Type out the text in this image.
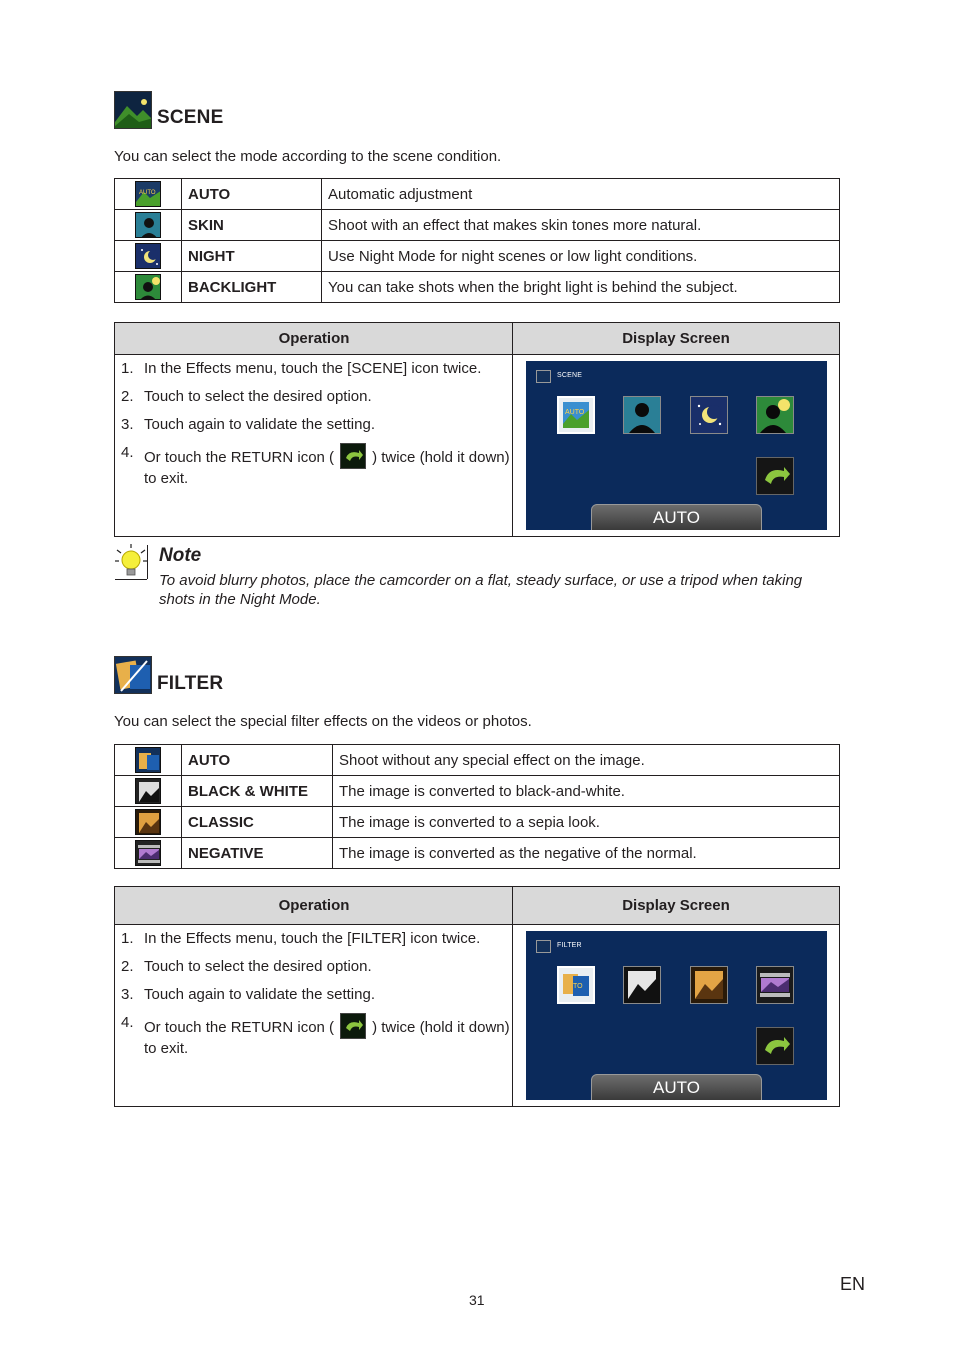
SCENE
You can select the mode according to the scene condition.
AUTO	AUTO	Automatic adjustment
	SKIN	Shoot with an effect that makes skin tones more natural.
	NIGHT	Use Night Mode for night scenes or low light conditions.
	BACKLIGHT	You can take shots when the bright light is behind the subject.
Operation	Display Screen
1. In the Effects menu, touch the [SCENE] icon twice.
2. Touch to select the desired option.
3. Touch again to validate the setting.
4. Or touch the RETURN icon (	) twice (hold it down) to exit.
SCENE
AUTO
AUTO
Note
To avoid blurry photos, place the camcorder on a flat, steady surface, or use a tripod when taking shots in the Night Mode.
FILTER
You can select the special filter effects on the videos or photos.
	AUTO	Shoot without any special effect on the image.
	BLACK & WHITE	The image is converted to black-and-white.
	CLASSIC	The image is converted to a sepia look.
	NEGATIVE	The image is converted as the negative of the normal.
Operation	Display Screen
1. In the Effects menu, touch the [FILTER] icon twice.
2. Touch to select the desired option.
3. Touch again to validate the setting.
4. Or touch the RETURN icon (	) twice (hold it down) to exit.
FILTER
TO
AUTO
31
EN
